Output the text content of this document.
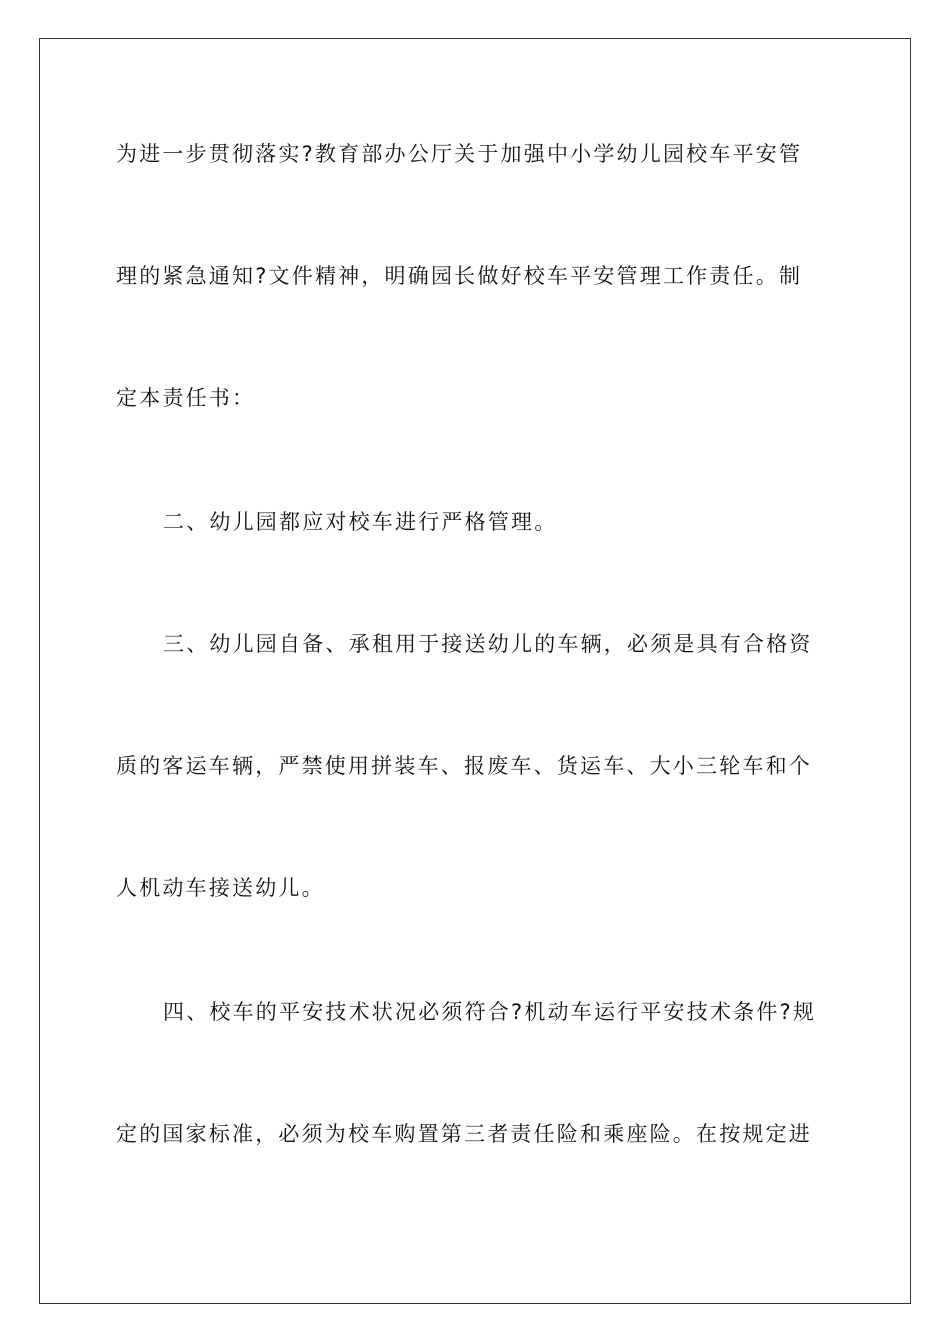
为进一步贯彻落实?教育部办公厅关于加强中小学幼儿园校车平安管
理的紧急通知?文件精神，明确园长做好校车平安管理工作责任。制
定本责任书：
二、幼儿园都应对校车进行严格管理。
三、幼儿园自备、承租用于接送幼儿的车辆，必须是具有合格资
质的客运车辆，严禁使用拼装车、报废车、货运车、大小三轮车和个
人机动车接送幼儿。
四、校车的平安技术状况必须符合?机动车运行平安技术条件?规
定的国家标准，必须为校车购置第三者责任险和乘座险。在按规定进
